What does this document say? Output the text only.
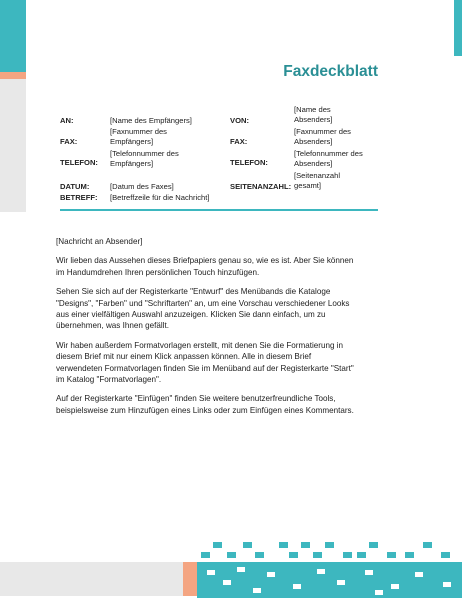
Faxdeckblatt
AN:	[Name des Empfängers]
FAX:
[Faxnummer des Empfängers]
TELEFON:
[Telefonnummer des Empfängers]
DATUM:	[Datum des Faxes]
BETREFF: [Betreffzeile für die Nachricht]
VON:
[Name des Absenders]
FAX:
[Faxnummer des Absenders]
TELEFON:
[Telefonnummer des Absenders]
SEITENANZAHL:
[Seitenanzahl gesamt]

[Nachricht an Absender]

Wir lieben das Aussehen dieses Briefpapiers genau so, wie es ist. Aber Sie können im Handumdrehen Ihren persönlichen Touch hinzufügen.

Sehen Sie sich auf der Registerkarte "Entwurf" des Menübands die Kataloge "Designs", "Farben" und "Schriftarten" an, um eine Vorschau verschiedener Looks aus einer vielfältigen Auswahl anzuzeigen. Klicken Sie dann einfach, um zu übernehmen, was Ihnen gefällt.

Wir haben außerdem Formatvorlagen erstellt, mit denen Sie die Formatierung in diesem Brief mit nur einem Klick anpassen können. Alle in diesem Brief verwendeten Formatvorlagen finden Sie im Menüband auf der Registerkarte "Start" im Katalog "Formatvorlagen".

Auf der Registerkarte "Einfügen" finden Sie weitere benutzerfreundliche Tools, beispielsweise zum Hinzufügen eines Links oder zum Einfügen eines Kommentars.
